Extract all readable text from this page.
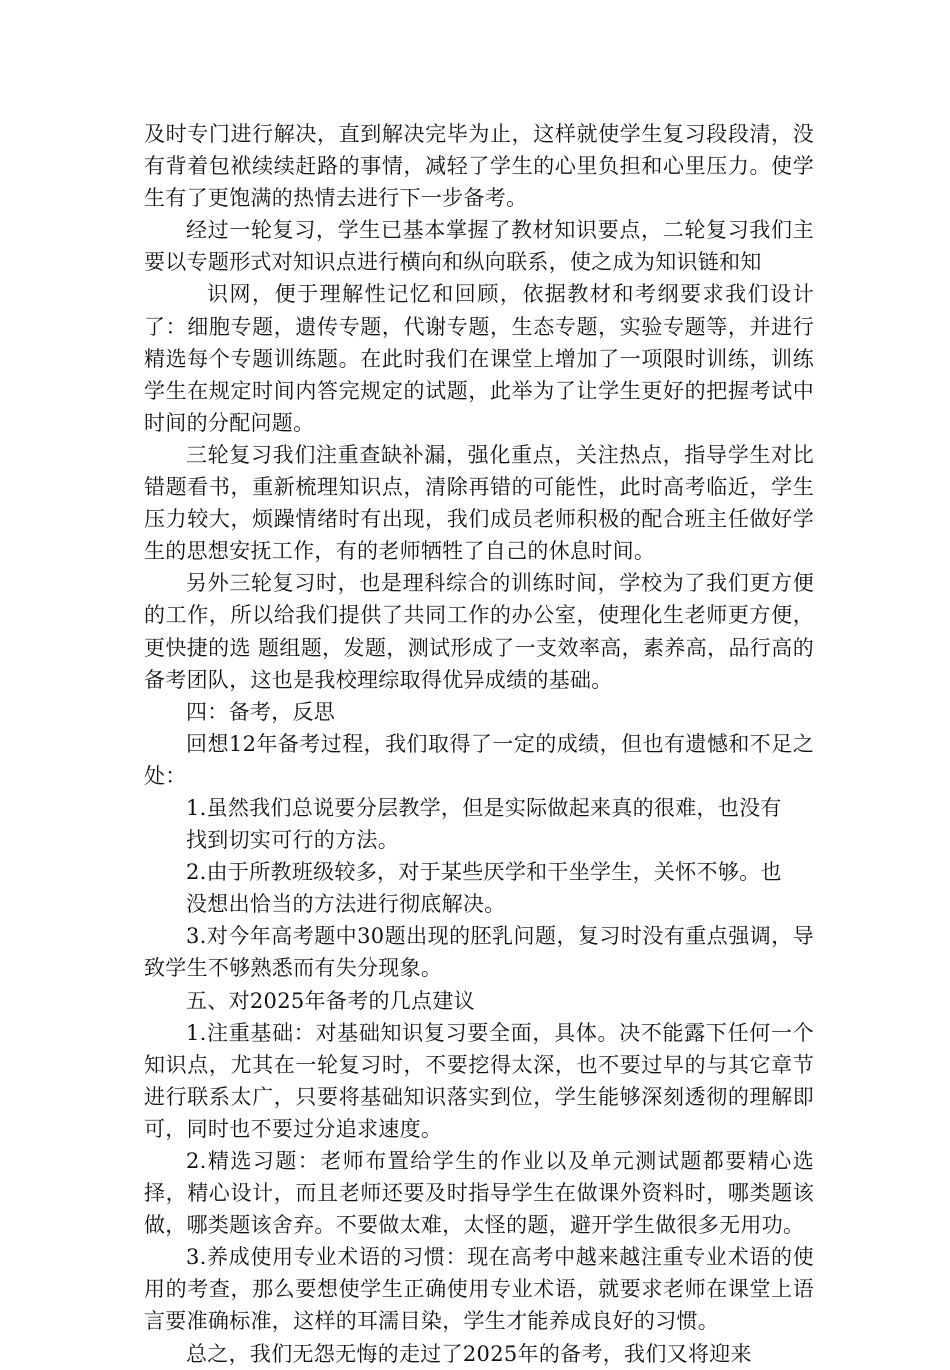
及时专门进行解决，直到解决完毕为止，这样就使学生复习段段清，没有背着包袱续续赶路的事情，减轻了学生的心里负担和心里压力。使学生有了更饱满的热情去进行下一步备考。

经过一轮复习，学生已基本掌握了教材知识要点，二轮复习我们主要以专题形式对知识点进行横向和纵向联系，使之成为知识链和知

识网，便于理解性记忆和回顾，依据教材和考纲要求我们设计了：细胞专题，遗传专题，代谢专题，生态专题，实验专题等，并进行精选每个专题训练题。在此时我们在课堂上增加了一项限时训练，训练学生在规定时间内答完规定的试题，此举为了让学生更好的把握考试中时间的分配问题。

三轮复习我们注重查缺补漏，强化重点，关注热点，指导学生对比错题看书，重新梳理知识点，清除再错的可能性，此时高考临近，学生压力较大，烦躁情绪时有出现，我们成员老师积极的配合班主任做好学生的思想安抚工作，有的老师牺牲了自己的休息时间。

另外三轮复习时，也是理科综合的训练时间，学校为了我们更方便的工作，所以给我们提供了共同工作的办公室，使理化生老师更方便，更快捷的选 题组题，发题，测试形成了一支效率高，素养高，品行高的备考团队，这也是我校理综取得优异成绩的基础。

四：备考，反思

回想12年备考过程，我们取得了一定的成绩，但也有遗憾和不足之处：

1.虽然我们总说要分层教学，但是实际做起来真的很难，也没有

找到切实可行的方法。

2.由于所教班级较多，对于某些厌学和干坐学生，关怀不够。也

没想出恰当的方法进行彻底解决。

3.对今年高考题中30题出现的胚乳问题，复习时没有重点强调，导致学生不够熟悉而有失分现象。

五、对2025年备考的几点建议

1.注重基础：对基础知识复习要全面，具体。决不能露下任何一个知识点，尤其在一轮复习时，不要挖得太深，也不要过早的与其它章节进行联系太广，只要将基础知识落实到位，学生能够深刻透彻的理解即可，同时也不要过分追求速度。

2.精选习题：老师布置给学生的作业以及单元测试题都要精心选择，精心设计，而且老师还要及时指导学生在做课外资料时，哪类题该做，哪类题该舍弃。不要做太难，太怪的题，避开学生做很多无用功。

3.养成使用专业术语的习惯：现在高考中越来越注重专业术语的使用的考查，那么要想使学生正确使用专业术语，就要求老师在课堂上语言要准确标准，这样的耳濡目染，学生才能养成良好的习惯。

总之，我们无怨无悔的走过了2025年的备考，我们又将迎来
